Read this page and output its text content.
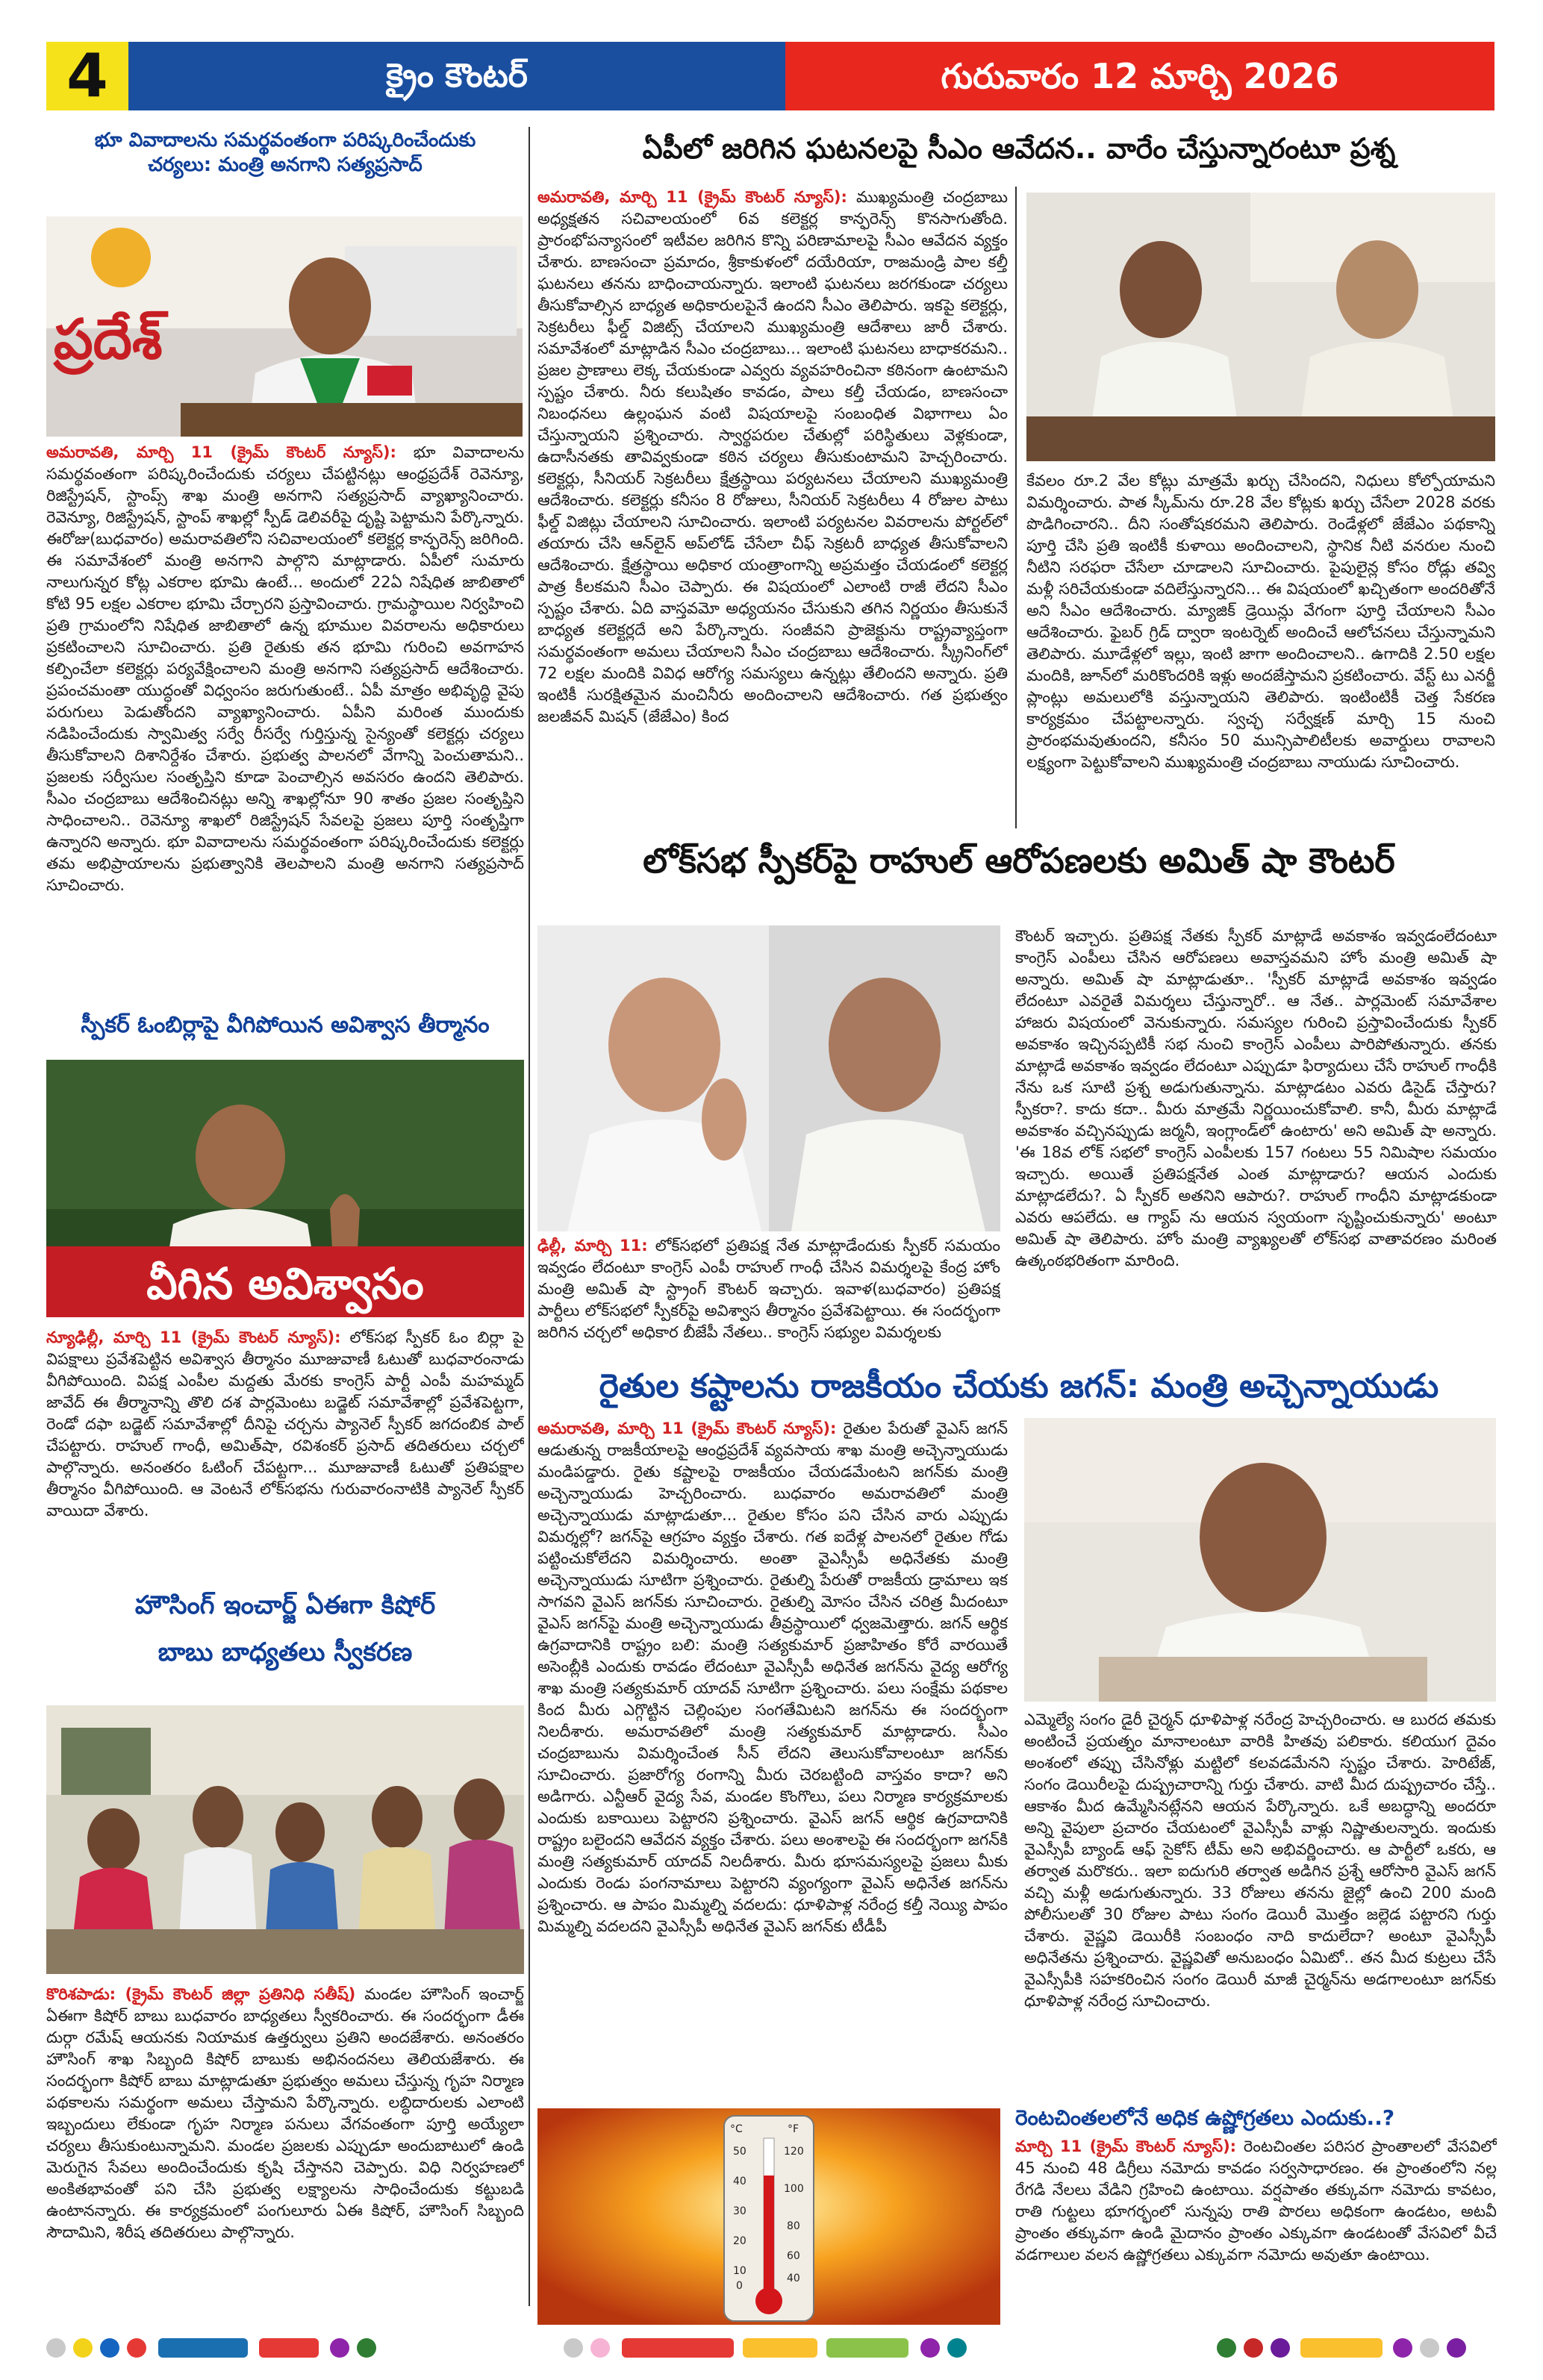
4	క్రైం కౌంటర్	గురువారం 12 మార్చి 2026
భూ వివాదాలను సమర్థవంతంగా పరిష్కరించేందుకు
చర్యలు: మంత్రి అనగాని సత్యప్రసాద్
ప్రదేశ్
అమరావతి, మార్చి 11 (క్రైమ్ కౌంటర్ న్యూస్): భూ వివాదాలను సమర్థవంతంగా పరిష్కరించేందుకు చర్యలు చేపట్టినట్లు ఆంధ్రప్రదేశ్ రెవెన్యూ, రిజిస్ట్రేషన్, స్టాంప్స్ శాఖ మంత్రి అనగాని సత్యప్రసాద్ వ్యాఖ్యానించారు. రెవెన్యూ, రిజిస్ట్రేషన్, స్టాంప్ శాఖల్లో స్పీడ్ డెలివరీపై దృష్టి పెట్టామని పేర్కొన్నారు. ఈరోజు(బుధవారం) అమరావతిలోని సచివాలయంలో కలెక్టర్ల కాన్ఫరెన్స్ జరిగింది. ఈ సమావేశంలో మంత్రి అనగాని పాల్గొని మాట్లాడారు. ఏపీలో సుమారు నాలుగున్నర కోట్ల ఎకరాల భూమి ఉంటే... అందులో 22ఏ నిషేధిత జాబితాలో కోటి 95 లక్షల ఎకరాల భూమి చేర్చారని ప్రస్తావించారు. గ్రామస్థాయిల నిర్వహించి ప్రతి గ్రామంలోని నిషేధిత జాబితాలో ఉన్న భూముల వివరాలను అధికారులు ప్రకటించాలని సూచించారు. ప్రతి రైతుకు తన భూమి గురించి అవగాహన కల్పించేలా కలెక్టర్లు పర్యవేక్షించాలని మంత్రి అనగాని సత్యప్రసాద్ ఆదేశించారు. ప్రపంచమంతా యుద్ధంతో విధ్వంసం జరుగుతుంటే.. ఏపీ మాత్రం అభివృద్ధి వైపు పరుగులు పెడుతోందని వ్యాఖ్యానించారు. ఏపీని మరింత ముందుకు నడిపించేందుకు స్వామిత్వ సర్వే రీసర్వే గుర్తిస్తున్న సైన్యంతో కలెక్టర్లు చర్యలు తీసుకోవాలని దిశానిర్దేశం చేశారు. ప్రభుత్వ పాలనలో వేగాన్ని పెంచుతామని.. ప్రజలకు సర్వీసుల సంతృప్తిని కూడా పెంచాల్సిన అవసరం ఉందని తెలిపారు. సీఎం చంద్రబాబు ఆదేశించినట్లు అన్ని శాఖల్లోనూ 90 శాతం ప్రజల సంతృప్తిని సాధించాలని.. రెవెన్యూ శాఖలో రిజిస్ట్రేషన్ సేవలపై ప్రజలు పూర్తి సంతృప్తిగా ఉన్నారని అన్నారు. భూ వివాదాలను సమర్థవంతంగా పరిష్కరించేందుకు కలెక్టర్లు తమ అభిప్రాయాలను ప్రభుత్వానికి తెలపాలని మంత్రి అనగాని సత్యప్రసాద్ సూచించారు.
స్పీకర్ ఓంబిర్లాపై వీగిపోయిన అవిశ్వాస తీర్మానం
వీగిన అవిశ్వాసం
న్యూఢిల్లీ, మార్చి 11 (క్రైమ్ కౌంటర్ న్యూస్): లోక్‌సభ స్పీకర్ ఓం బిర్లా పై విపక్షాలు ప్రవేశపెట్టిన అవిశ్వాస తీర్మానం మూజువాణీ ఓటుతో బుధవారంనాడు వీగిపోయింది. విపక్ష ఎంపీల మద్దతు మేరకు కాంగ్రెస్ పార్టీ ఎంపీ మహమ్మద్ జావేద్ ఈ తీర్మానాన్ని తొలి దశ పార్లమెంటు బడ్జెట్ సమావేశాల్లో ప్రవేశపెట్టగా, రెండో దఫా బడ్జెట్ సమావేశాల్లో దీనిపై చర్చను ప్యానెల్ స్పీకర్ జగదంబిక పాల్ చేపట్టారు. రాహుల్ గాంధీ, అమిత్‌షా, రవిశంకర్ ప్రసాద్ తదితరులు చర్చలో పాల్గొన్నారు. అనంతరం ఓటింగ్ చేపట్టగా... మూజువాణీ ఓటుతో ప్రతిపక్షాల తీర్మానం వీగిపోయింది. ఆ వెంటనే లోక్‌సభను గురువారంనాటికి ప్యానెల్ స్పీకర్ వాయిదా వేశారు.
హౌసింగ్ ఇంచార్జ్ ఏఈగా కిషోర్
బాబు బాధ్యతలు స్వీకరణ
కొరిశపాడు: (క్రైమ్ కౌంటర్ జిల్లా ప్రతినిధి సతీష్) మండల హౌసింగ్ ఇంచార్జ్ ఏఈగా కిషోర్ బాబు బుధవారం బాధ్యతలు స్వీకరించారు. ఈ సందర్భంగా డీఈ దుర్గా రమేష్ ఆయనకు నియామక ఉత్తర్వులు ప్రతిని అందజేశారు. అనంతరం హౌసింగ్ శాఖ సిబ్బంది కిషోర్ బాబుకు అభినందనలు తెలియజేశారు. ఈ సందర్భంగా కిషోర్ బాబు మాట్లాడుతూ ప్రభుత్వం అమలు చేస్తున్న గృహ నిర్మాణ పథకాలను సమర్థంగా అమలు చేస్తామని పేర్కొన్నారు. లబ్ధిదారులకు ఎలాంటి ఇబ్బందులు లేకుండా గృహ నిర్మాణ పనులు వేగవంతంగా పూర్తి అయ్యేలా చర్యలు తీసుకుంటున్నామని. మండల ప్రజలకు ఎప్పుడూ అందుబాటులో ఉండి మెరుగైన సేవలు అందించేందుకు కృషి చేస్తానని చెప్పారు. విధి నిర్వహణలో అంకితభావంతో పని చేసి ప్రభుత్వ లక్ష్యాలను సాధించేందుకు కట్టుబడి ఉంటానన్నారు. ఈ కార్యక్రమంలో పంగులూరు ఏఈ కిషోర్, హౌసింగ్ సిబ్బంది సౌదామిని, శిరీష తదితరులు పాల్గొన్నారు.
ఏపీలో జరిగిన ఘటనలపై సీఎం ఆవేదన.. వారేం చేస్తున్నారంటూ ప్రశ్న
అమరావతి, మార్చి 11 (క్రైమ్ కౌంటర్ న్యూస్): ముఖ్యమంత్రి చంద్రబాబు అధ్యక్షతన సచివాలయంలో 6వ కలెక్టర్ల కాన్ఫరెన్స్ కొనసాగుతోంది. ప్రారంభోపన్యాసంలో ఇటీవల జరిగిన కొన్ని పరిణామాలపై సీఎం ఆవేదన వ్యక్తం చేశారు. బాణసంచా ప్రమాదం, శ్రీకాకుళంలో దయేరియా, రాజమండ్రి పాల కల్తీ ఘటనలు తనను బాధించాయన్నారు. ఇలాంటి ఘటనలు జరగకుండా చర్యలు తీసుకోవాల్సిన బాధ్యత అధికారులపైనే ఉందని సీఎం తెలిపారు. ఇకపై కలెక్టర్లు, సెక్రటరీలు ఫీల్డ్ విజిట్స్ చేయాలని ముఖ్యమంత్రి ఆదేశాలు జారీ చేశారు. సమావేశంలో మాట్లాడిన సీఎం చంద్రబాబు... ఇలాంటి ఘటనలు బాధాకరమని.. ప్రజల ప్రాణాలు లెక్క చేయకుండా ఎవ్వరు వ్యవహరించినా కఠినంగా ఉంటామని స్పష్టం చేశారు. నీరు కలుషితం కావడం, పాలు కల్తీ చేయడం, బాణసంచా నిబంధనలు ఉల్లంఘన వంటి విషయాలపై సంబంధిత విభాగాలు ఏం చేస్తున్నాయని ప్రశ్నించారు. స్వార్థపరుల చేతుల్లో పరిస్థితులు వెళ్లకుండా, ఉదాసీనతకు తావివ్వకుండా కఠిన చర్యలు తీసుకుంటామని హెచ్చరించారు. కలెక్టర్లు, సీనియర్ సెక్రటరీలు క్షేత్రస్థాయి పర్యటనలు చేయాలని ముఖ్యమంత్రి ఆదేశించారు. కలెక్టర్లు కనీసం 8 రోజులు, సీనియర్ సెక్రటరీలు 4 రోజుల పాటు ఫీల్డ్ విజిట్లు చేయాలని సూచించారు. ఇలాంటి పర్యటనల వివరాలను పోర్టల్‌లో తయారు చేసి ఆన్‌లైన్ అప్‌లోడ్ చేసేలా చీఫ్ సెక్రటరీ బాధ్యత తీసుకోవాలని ఆదేశించారు. క్షేత్రస్థాయి అధికార యంత్రాంగాన్ని అప్రమత్తం చేయడంలో కలెక్టర్ల పాత్ర కీలకమని సీఎం చెప్పారు. ఈ విషయంలో ఎలాంటి రాజీ లేదని సీఎం స్పష్టం చేశారు. ఏది వాస్తవమో అధ్యయనం చేసుకుని తగిన నిర్ణయం తీసుకునే బాధ్యత కలెక్టర్లదే అని పేర్కొన్నారు. సంజీవని ప్రాజెక్టును రాష్ట్రవ్యాప్తంగా సమర్థవంతంగా అమలు చేయాలని సీఎం చంద్రబాబు ఆదేశించారు. స్క్రీనింగ్‌లో 72 లక్షల మందికి వివిధ ఆరోగ్య సమస్యలు ఉన్నట్లు తేలిందని అన్నారు. ప్రతి ఇంటికీ సురక్షితమైన మంచినీరు అందించాలని ఆదేశించారు. గత ప్రభుత్వం జలజీవన్ మిషన్ (జేజేఎం) కింద
కేవలం రూ.2 వేల కోట్లు మాత్రమే ఖర్చు చేసిందని, నిధులు కోల్పోయామని విమర్శించారు. పాత స్కీమ్‌ను రూ.28 వేల కోట్లకు ఖర్చు చేసేలా 2028 వరకు పొడిగించారని.. దీని సంతోషకరమని తెలిపారు. రెండేళ్లలో జేజేఎం పథకాన్ని పూర్తి చేసి ప్రతి ఇంటికీ కుళాయి అందించాలని, స్థానిక నీటి వనరుల నుంచి నీటిని సరఫరా చేసేలా చూడాలని సూచించారు. పైపులైన్ల కోసం రోడ్లు తవ్వి మళ్లీ సరిచేయకుండా వదిలేస్తున్నారని... ఈ విషయంలో ఖచ్చితంగా అందరితోనే అని సీఎం ఆదేశించారు. మ్యాజిక్ డ్రెయిన్లు వేగంగా పూర్తి చేయాలని సీఎం ఆదేశించారు. ఫైబర్ గ్రిడ్ ద్వారా ఇంటర్నెట్ అందించే ఆలోచనలు చేస్తున్నామని తెలిపారు. మూడేళ్లలో ఇల్లు, ఇంటి జాగా అందించాలని.. ఉగాదికి 2.50 లక్షల మందికి, జూన్‌లో మరికొందరికి ఇళ్లు అందజేస్తామని ప్రకటించారు. వేస్ట్ టు ఎనర్జీ ప్లాంట్లు అమలులోకి వస్తున్నాయని తెలిపారు. ఇంటింటికీ చెత్త సేకరణ కార్యక్రమం చేపట్టాలన్నారు. స్వచ్ఛ సర్వేక్షణ్ మార్చి 15 నుంచి ప్రారంభమవుతుందని, కనీసం 50 మున్సిపాలిటీలకు అవార్డులు రావాలని లక్ష్యంగా పెట్టుకోవాలని ముఖ్యమంత్రి చంద్రబాబు నాయుడు సూచించారు.
లోక్‌సభ స్పీకర్‌పై రాహుల్ ఆరోపణలకు అమిత్ షా కౌంటర్
ఢిల్లీ, మార్చి 11: లోక్‌సభలో ప్రతిపక్ష నేత మాట్లాడేందుకు స్పీకర్ సమయం ఇవ్వడం లేదంటూ కాంగ్రెస్ ఎంపీ రాహుల్ గాంధీ చేసిన విమర్శలపై కేంద్ర హోం మంత్రి అమిత్ షా స్ట్రాంగ్ కౌంటర్ ఇచ్చారు. ఇవాళ(బుధవారం) ప్రతిపక్ష పార్టీలు లోక్‌సభలో స్పీకర్‌పై అవిశ్వాస తీర్మానం ప్రవేశపెట్టాయి. ఈ సందర్భంగా జరిగిన చర్చలో అధికార బీజేపీ నేతలు.. కాంగ్రెస్ సభ్యుల విమర్శలకు
కౌంటర్ ఇచ్చారు. ప్రతిపక్ష నేతకు స్పీకర్ మాట్లాడే అవకాశం ఇవ్వడంలేదంటూ కాంగ్రెస్ ఎంపీలు చేసిన ఆరోపణలు అవాస్తవమని హోం మంత్రి అమిత్ షా అన్నారు. అమిత్ షా మాట్లాడుతూ.. 'స్పీకర్ మాట్లాడే అవకాశం ఇవ్వడం లేదంటూ ఎవరైతే విమర్శలు చేస్తున్నారో.. ఆ నేత.. పార్లమెంట్ సమావేశాల హాజరు విషయంలో వెనుకున్నారు. సమస్యల గురించి ప్రస్తావించేందుకు స్పీకర్ అవకాశం ఇచ్చినప్పటికీ సభ నుంచి కాంగ్రెస్ ఎంపీలు పారిపోతున్నారు. తనకు మాట్లాడే అవకాశం ఇవ్వడం లేదంటూ ఎప్పుడూ ఫిర్యాదులు చేసే రాహుల్ గాంధీకి నేను ఒక సూటి ప్రశ్న అడుగుతున్నాను. మాట్లాడటం ఎవరు డిసైడ్ చేస్తారు? స్పీకరా?. కాదు కదా.. మీరు మాత్రమే నిర్ణయించుకోవాలి. కానీ, మీరు మాట్లాడే అవకాశం వచ్చినప్పుడు జర్మనీ, ఇంగ్లాండ్‌లో ఉంటారు' అని అమిత్ షా అన్నారు. 'ఈ 18వ లోక్ సభలో కాంగ్రెస్ ఎంపీలకు 157 గంటలు 55 నిమిషాల సమయం ఇచ్చారు. అయితే ప్రతిపక్షనేత ఎంత మాట్లాడారు? ఆయన ఎందుకు మాట్లాడలేదు?. ఏ స్పీకర్ అతనిని ఆపారు?. రాహుల్ గాంధీని మాట్లాడకుండా ఎవరు ఆపలేదు. ఆ గ్యాప్ ను ఆయన స్వయంగా సృష్టించుకున్నారు' అంటూ అమిత్ షా తెలిపారు. హోం మంత్రి వ్యాఖ్యలతో లోక్‌సభ వాతావరణం మరింత ఉత్కంఠభరితంగా మారింది.
రైతుల కష్టాలను రాజకీయం చేయకు జగన్: మంత్రి అచ్చెన్నాయుడు
అమరావతి, మార్చి 11 (క్రైమ్ కౌంటర్ న్యూస్): రైతుల పేరుతో వైఎస్ జగన్ ఆడుతున్న రాజకీయాలపై ఆంధ్రప్రదేశ్ వ్యవసాయ శాఖ మంత్రి అచ్చెన్నాయుడు మండిపడ్డారు. రైతు కష్టాలపై రాజకీయం చేయడమేంటని జగన్‌కు మంత్రి అచ్చెన్నాయుడు హెచ్చరించారు. బుధవారం అమరావతిలో మంత్రి అచ్చెన్నాయుడు మాట్లాడుతూ... రైతుల కోసం పని చేసిన వారు ఎప్పుడు విమర్శల్లో? జగన్‌పై ఆగ్రహం వ్యక్తం చేశారు. గత ఐదేళ్ల పాలనలో రైతుల గోడు పట్టించుకోలేదని విమర్శించారు. అంతా వైఎస్సీపీ అధినేతకు మంత్రి అచ్చెన్నాయుడు సూటిగా ప్రశ్నించారు. రైతుల్ని పేరుతో రాజకీయ డ్రామాలు ఇక సాగవని వైఎస్ జగన్‌కు సూచించారు. రైతుల్ని మోసం చేసిన చరిత్ర మీదంటూ వైఎస్ జగన్‌పై మంత్రి అచ్చెన్నాయుడు తీవ్రస్థాయిలో ధ్వజమెత్తారు. జగన్ ఆర్థిక ఉగ్రవాదానికి రాష్ట్రం బలి: మంత్రి సత్యకుమార్ ప్రజాహితం కోరే వారయితే అసెంబ్లీకి ఎందుకు రావడం లేదంటూ వైఎస్సీపీ అధినేత జగన్‌ను వైద్య ఆరోగ్య శాఖ మంత్రి సత్యకుమార్ యాదవ్ సూటిగా ప్రశ్నించారు. పలు సంక్షేమ పథకాల కింద మీరు ఎగ్గొట్టిన చెల్లింపుల సంగతేమిటని జగన్‌ను ఈ సందర్భంగా నిలదీశారు. అమరావతిలో మంత్రి సత్యకుమార్ మాట్లాడారు. సీఎం చంద్రబాబును విమర్శించేంత సీన్ లేదని తెలుసుకోవాలంటూ జగన్‌కు సూచించారు. ప్రజారోగ్య రంగాన్ని మీరు చెరబట్టింది వాస్తవం కాదా? అని అడిగారు. ఎన్టీఆర్ వైద్య సేవ, మండల కొంగొలు, పలు నిర్మాణ కార్యక్రమాలకు ఎందుకు బకాయిలు పెట్టారని ప్రశ్నించారు. వైఎస్ జగన్ ఆర్థిక ఉగ్రవాదానికి రాష్ట్రం బలైందని ఆవేదన వ్యక్తం చేశారు. పలు అంశాలపై ఈ సందర్భంగా జగన్‌కి మంత్రి సత్యకుమార్ యాదవ్ నిలదీశారు. మీరు భూసమస్యలపై ప్రజలు మీకు ఎందుకు రెండు పంగనామాలు పెట్టారని వ్యంగ్యంగా వైఎస్ అధినేత జగన్‌ను ప్రశ్నించారు. ఆ పాపం మిమ్మల్ని వదలదు: ధూళిపాళ్ల నరేంద్ర కల్తీ నెయ్యి పాపం మిమ్మల్ని వదలదని వైఎస్సీపీ అధినేత వైఎస్ జగన్‌కు టీడీపీ
ఎమ్మెల్యే సంగం డైరీ చైర్మన్ ధూళిపాళ్ల నరేంద్ర హెచ్చరించారు. ఆ బురద తమకు అంటించే ప్రయత్నం మానాలంటూ వారికి హితవు పలికారు. కలియుగ దైవం అంశంలో తప్పు చేసినోళ్లు మట్టిలో కలవడమేనని స్పష్టం చేశారు. హెరిటేజ్, సంగం డెయిరీలపై దుష్ప్రచారాన్ని గుర్తు చేశారు. వాటి మీద దుష్ప్రచారం చేస్తే.. ఆకాశం మీద ఉమ్మేసినట్లేనని ఆయన పేర్కొన్నారు. ఒకే అబద్ధాన్ని అందరూ అన్ని వైపులా ప్రచారం చేయటంలో వైఎస్సీపీ వాళ్లు నిష్ణాతులన్నారు. ఇందుకు వైఎస్సీపీ బ్యాండ్ ఆఫ్ సైకోస్ టీమ్ అని అభివర్ణించారు. ఆ పార్టీలో ఒకరు, ఆ తర్వాత మరొకరు.. ఇలా ఐదుగురి తర్వాత అడిగిన ప్రశ్నే ఆరోసారి వైఎస్ జగన్ వచ్చి మళ్లీ అడుగుతున్నారు. 33 రోజులు తనను జైల్లో ఉంచి 200 మంది పోలీసులతో 30 రోజుల పాటు సంగం డెయిరీ మొత్తం జల్లెడ పట్టారని గుర్తు చేశారు. వైష్ణవి డెయిరీకి సంబంధం నాది కాదులేదా? అంటూ వైఎస్సీపీ అధినేతను ప్రశ్నించారు. వైష్ణవితో అనుబంధం ఏమిటో.. తన మీద కుట్రలు చేసే వైఎస్సీపీకి సహకరించిన సంగం డెయిరీ మాజీ చైర్మన్‌ను అడగాలంటూ జగన్‌కు ధూళిపాళ్ల నరేంద్ర సూచించారు.
°C	°F
50
40
30
20
10
0
120
100
80
60
40
రెంటచింతలలోనే అధిక ఉష్ణోగ్రతలు ఎందుకు..?
మార్చి 11 (క్రైమ్ కౌంటర్ న్యూస్): రెంటచింతల పరిసర ప్రాంతాలలో వేసవిలో 45 నుంచి 48 డిగ్రీలు నమోదు కావడం సర్వసాధారణం. ఈ ప్రాంతంలోని నల్ల రేగడి నేలలు వేడిని గ్రహించి ఉంటాయి. వర్షపాతం తక్కువగా నమోదు కావటం, రాతి గుట్టలు భూగర్భంలో సున్నపు రాతి పొరలు అధికంగా ఉండటం, అటవీ ప్రాంతం తక్కువగా ఉండి మైదానం ప్రాంతం ఎక్కువగా ఉండటంతో వేసవిలో వీచే వడగాలుల వలన ఉష్ణోగ్రతలు ఎక్కువగా నమోదు అవుతూ ఉంటాయి.
